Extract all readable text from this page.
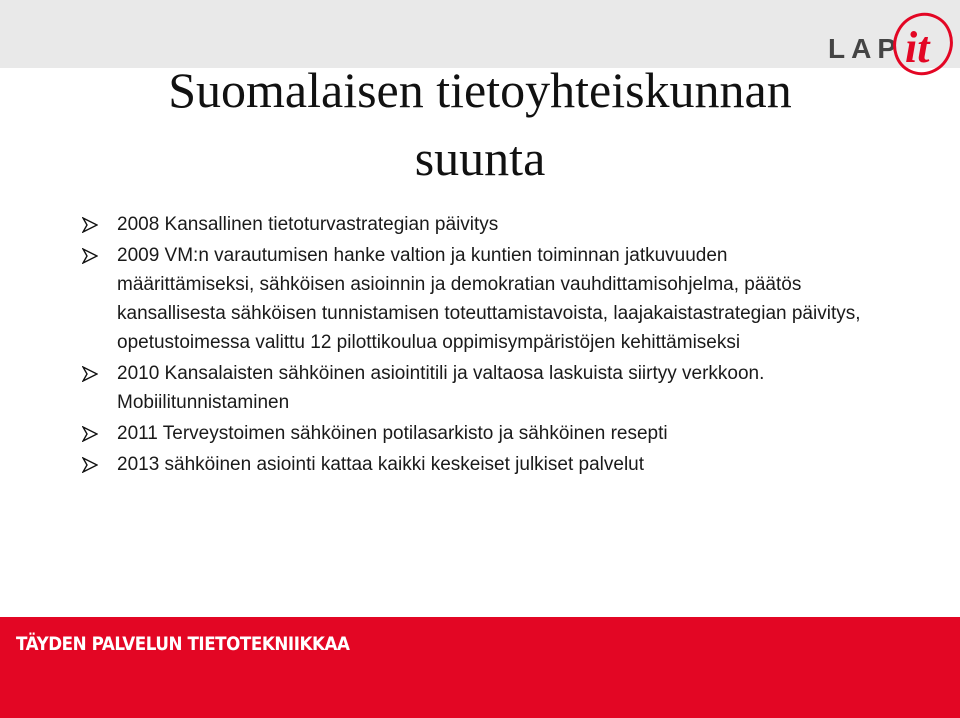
LAP it
Suomalaisen tietoyhteiskunnan
suunta
2008 Kansallinen tietoturvastrategian päivitys
2009 VM:n varautumisen hanke valtion ja kuntien toiminnan jatkuvuuden määrittämiseksi, sähköisen asioinnin ja demokratian vauhdittamisohjelma, päätös kansallisesta sähköisen tunnistamisen toteuttamistavoista, laajakaistastrategian päivitys, opetustoimessa valittu 12 pilottikoulua oppimisympäristöjen kehittämiseksi
2010 Kansalaisten sähköinen asiointitili ja valtaosa laskuista siirtyy verkkoon. Mobiilitunnistaminen
2011 Terveystoimen sähköinen potilasarkisto ja sähköinen resepti
2013 sähköinen asiointi kattaa kaikki keskeiset julkiset palvelut
TÄYDEN PALVELUN TIETOTEKNIIKKAA
